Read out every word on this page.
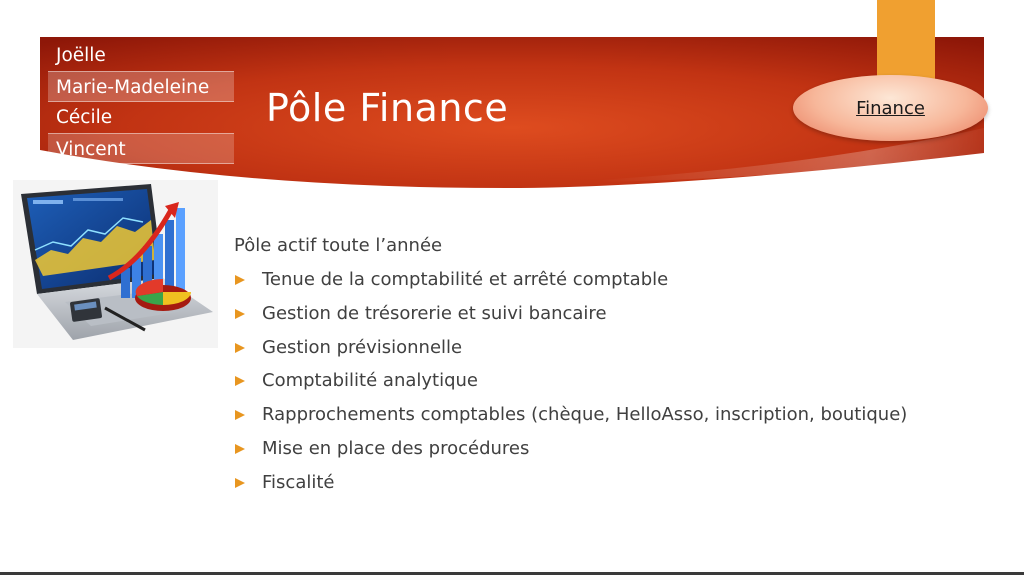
Joëlle
Marie-Madeleine
Cécile
Vincent
Pôle Finance	Finance
Pôle actif toute l’année
Tenue de la comptabilité et arrêté comptable
Gestion de trésorerie et suivi bancaire
Gestion prévisionnelle
Comptabilité analytique
Rapprochements comptables (chèque, HelloAsso, inscription, boutique)
Mise en place des procédures
Fiscalité
